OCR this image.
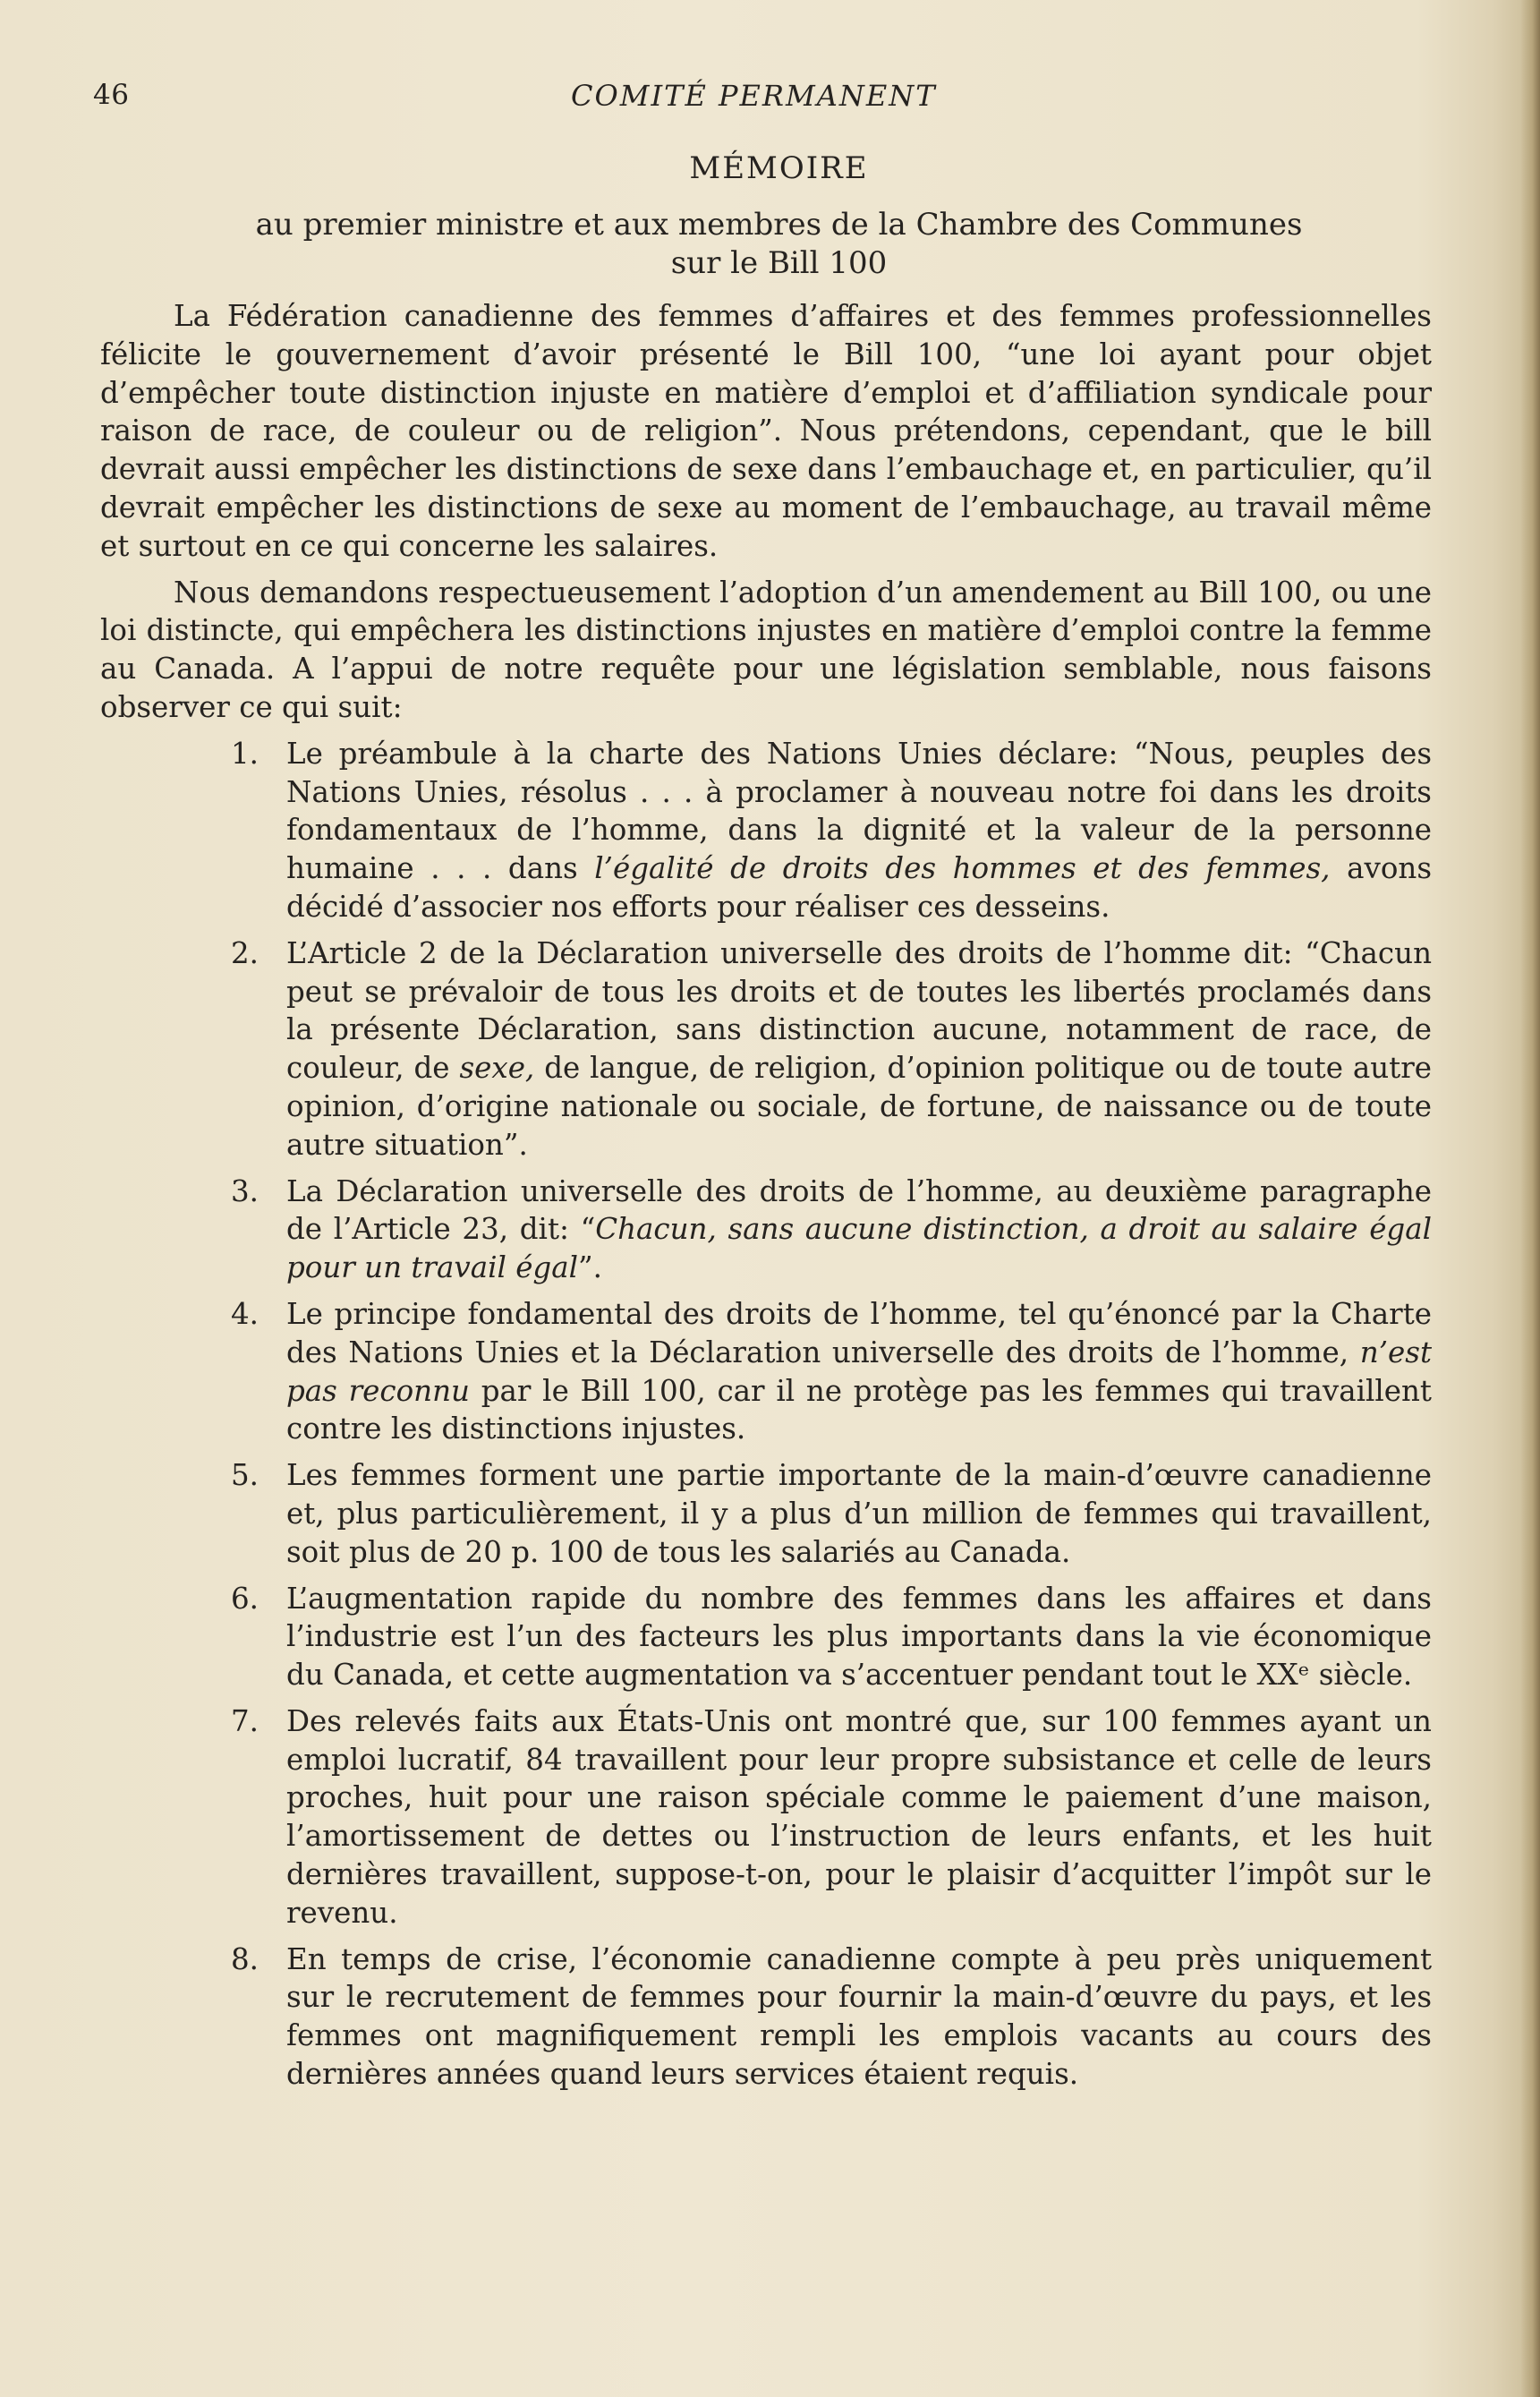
46	COMITÉ PERMANENT
MÉMOIRE
au premier ministre et aux membres de la Chambre des Communes
sur le Bill 100

La Fédération canadienne des femmes d’affaires et des femmes professionnelles félicite le gouvernement d’avoir présenté le Bill 100, “une loi ayant pour objet d’empêcher toute distinction injuste en matière d’emploi et d’affiliation syndicale pour raison de race, de couleur ou de religion”. Nous prétendons, cependant, que le bill devrait aussi empêcher les distinctions de sexe dans l’embauchage et, en particulier, qu’il devrait empêcher les distinctions de sexe au moment de l’embauchage, au travail même et surtout en ce qui concerne les salaires.

Nous demandons respectueusement l’adoption d’un amendement au Bill 100, ou une loi distincte, qui empêchera les distinctions injustes en matière d’emploi contre la femme au Canada. A l’appui de notre requête pour une législation semblable, nous faisons observer ce qui suit:

1. Le préambule à la charte des Nations Unies déclare: “Nous, peuples des Nations Unies, résolus . . . à proclamer à nouveau notre foi dans les droits fondamentaux de l’homme, dans la dignité et la valeur de la personne humaine . . . dans l’égalité de droits des hommes et des femmes, avons décidé d’associer nos efforts pour réaliser ces desseins.
2. L’Article 2 de la Déclaration universelle des droits de l’homme dit: “Chacun peut se prévaloir de tous les droits et de toutes les libertés proclamés dans la présente Déclaration, sans distinction aucune, notamment de race, de couleur, de sexe, de langue, de religion, d’opinion politique ou de toute autre opinion, d’origine nationale ou sociale, de fortune, de naissance ou de toute autre situation”.
3. La Déclaration universelle des droits de l’homme, au deuxième paragraphe de l’Article 23, dit: “Chacun, sans aucune distinction, a droit au salaire égal pour un travail égal”.
4. Le principe fondamental des droits de l’homme, tel qu’énoncé par la Charte des Nations Unies et la Déclaration universelle des droits de l’homme, n’est pas reconnu par le Bill 100, car il ne protège pas les femmes qui travaillent contre les distinctions injustes.
5. Les femmes forment une partie importante de la main-d’œuvre canadienne et, plus particulièrement, il y a plus d’un million de femmes qui travaillent, soit plus de 20 p. 100 de tous les salariés au Canada.
6. L’augmentation rapide du nombre des femmes dans les affaires et dans l’industrie est l’un des facteurs les plus importants dans la vie économique du Canada, et cette augmentation va s’accentuer pendant tout le XXᵉ siècle.
7. Des relevés faits aux États-Unis ont montré que, sur 100 femmes ayant un emploi lucratif, 84 travaillent pour leur propre subsistance et celle de leurs proches, huit pour une raison spéciale comme le paiement d’une maison, l’amortissement de dettes ou l’instruction de leurs enfants, et les huit dernières travaillent, suppose-t-on, pour le plaisir d’acquitter l’impôt sur le revenu.
8. En temps de crise, l’économie canadienne compte à peu près uniquement sur le recrutement de femmes pour fournir la main-d’œuvre du pays, et les femmes ont magnifiquement rempli les emplois vacants au cours des dernières années quand leurs services étaient requis.
